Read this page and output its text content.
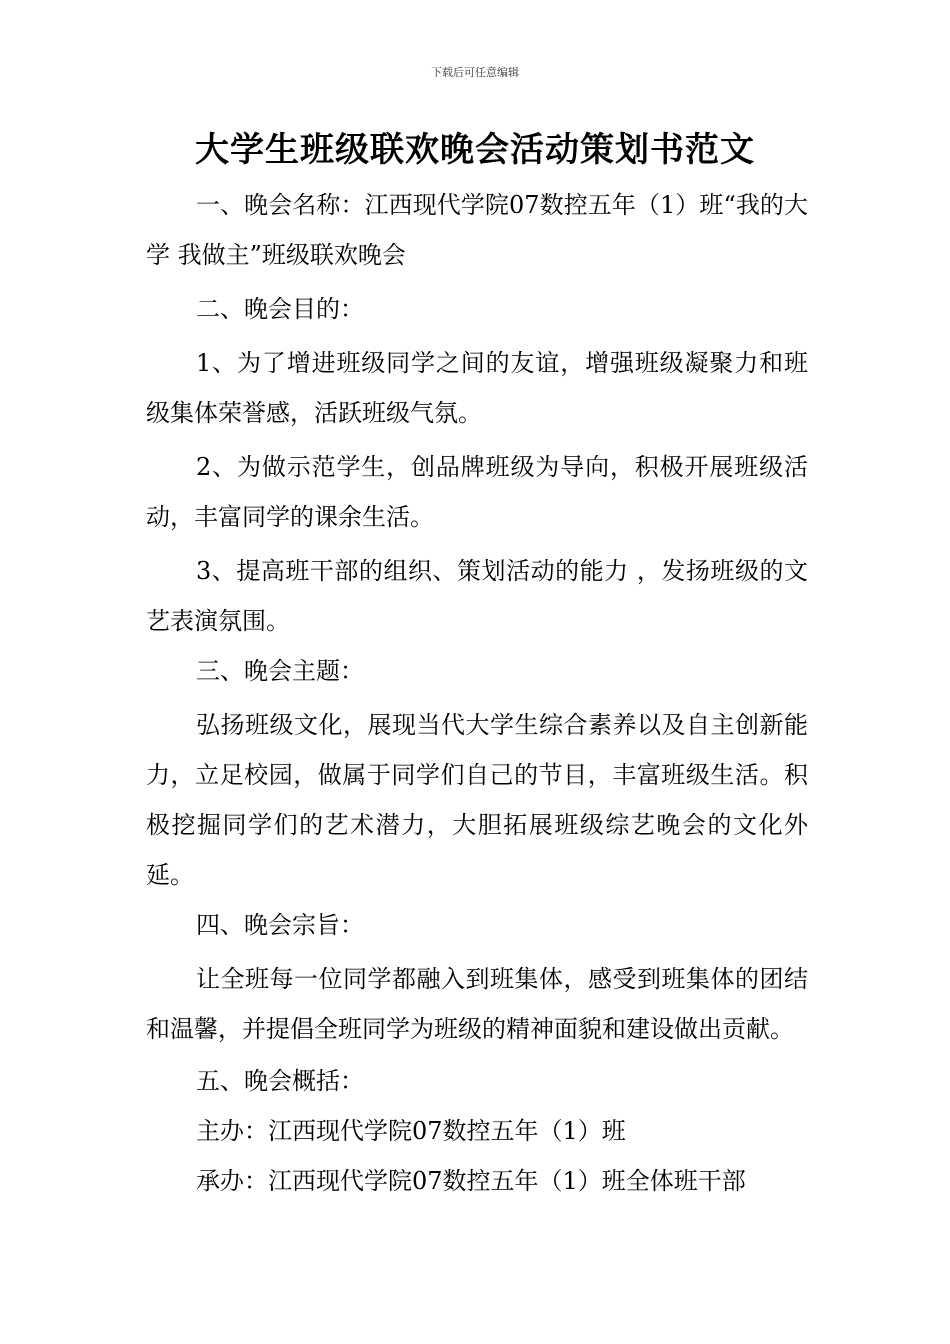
下载后可任意编辑
大学生班级联欢晚会活动策划书范文

一、晚会名称：江西现代学院07数控五年（1）班“我的大学 我做主”班级联欢晚会

二、晚会目的：

1、为了增进班级同学之间的友谊，增强班级凝聚力和班级集体荣誉感，活跃班级气氛。

2、为做示范学生，创品牌班级为导向，积极开展班级活动，丰富同学的课余生活。

3、提高班干部的组织、策划活动的能力 ，发扬班级的文艺表演氛围。

三、晚会主题：

弘扬班级文化，展现当代大学生综合素养以及自主创新能力，立足校园，做属于同学们自己的节目，丰富班级生活。积极挖掘同学们的艺术潜力，大胆拓展班级综艺晚会的文化外延。

四、晚会宗旨：

让全班每一位同学都融入到班集体，感受到班集体的团结和温馨，并提倡全班同学为班级的精神面貌和建设做出贡献。

五、晚会概括：

主办：江西现代学院07数控五年（1）班

承办：江西现代学院07数控五年（1）班全体班干部
